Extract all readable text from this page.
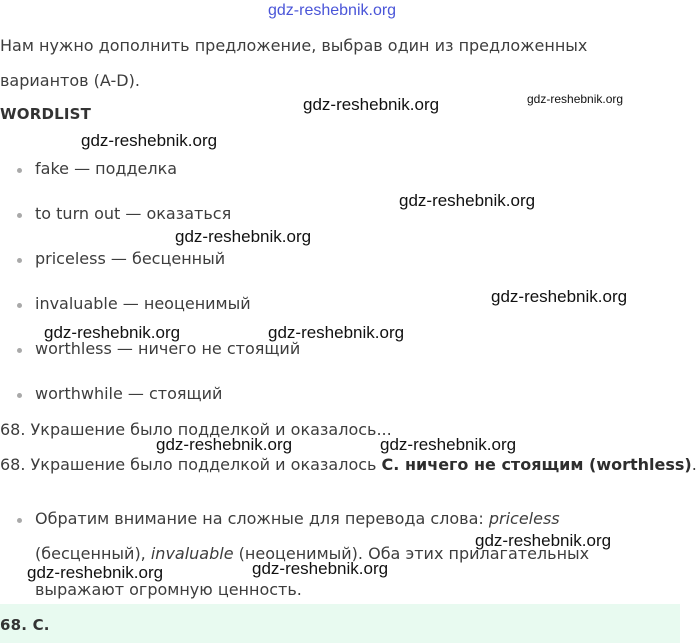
gdz-reshebnik.org
Нам нужно дополнить предложение, выбрав один из предложенных
вариантов (A-D).
WORDLIST
fake — подделка
to turn out — оказаться
priceless — бесценный
invaluable — неоценимый
worthless — ничего не стоящий
worthwhile — стоящий
68. Украшение было подделкой и оказалось...
68. Украшение было подделкой и оказалось C. ничего не стоящим (worthless).
Обратим внимание на сложные для перевода слова: priceless
(бесценный), invaluable (неоценимый). Оба этих прилагательных
выражают огромную ценность.
68. C.
gdz-reshebnik.org	gdz-reshebnik.org
gdz-reshebnik.org
gdz-reshebnik.org
gdz-reshebnik.org
gdz-reshebnik.org
gdz-reshebnik.org	gdz-reshebnik.org
gdz-reshebnik.org	gdz-reshebnik.org
gdz-reshebnik.org
gdz-reshebnik.org	gdz-reshebnik.org
